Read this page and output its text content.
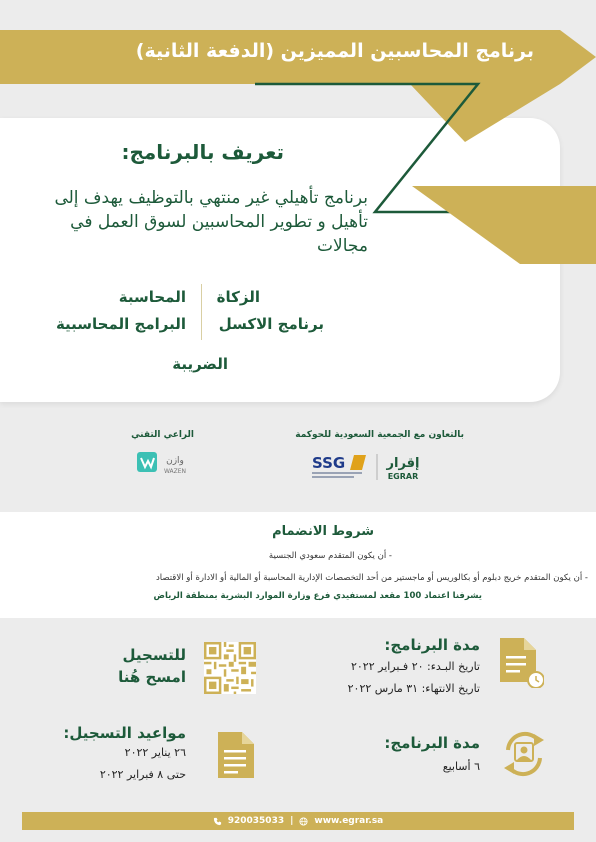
برنامج المحاسبين المميزين (الدفعة الثانية)
تعريف بالبرنامج:
برنامج تأهيلي غير منتهي بالتوظيف يهدف إلى تأهيل و تطوير المحاسبين لسوق العمل في مجالات
الزكاة
المحاسبة
برنامج الاكسل
البرامج المحاسبية
الضريبة
بالتعاون مع الجمعية السعودية للحوكمة
الراعي التقني
إقرار
EGRAR
SSG
وازن
WAZEN
شروط الانضمام
- أن يكون المتقدم سعودي الجنسية
- أن يكون المتقدم خريج دبلوم أو بكالوريس أو ماجستير من أحد التخصصات الإدارية المحاسبة أو المالية أو الادارة أو الاقتصاد
يشرفنا اعتماد 100 مقعد لمستفيدي فرع وزارة الموارد البشرية بمنطقة الرياض
مدة البرنامج:
تاريخ البـدء: ٢٠ فـبراير ٢٠٢٢
تاريخ الانتهاء: ٣١ مارس ٢٠٢٢
للتسجيل
امسح هُنا
مدة البرنامج:
٦ أسابيع
مواعيد التسجيل:
٢٦ يناير ٢٠٢٢
حتى ٨ فبراير ٢٠٢٢
920035033 | www.egrar.sa
